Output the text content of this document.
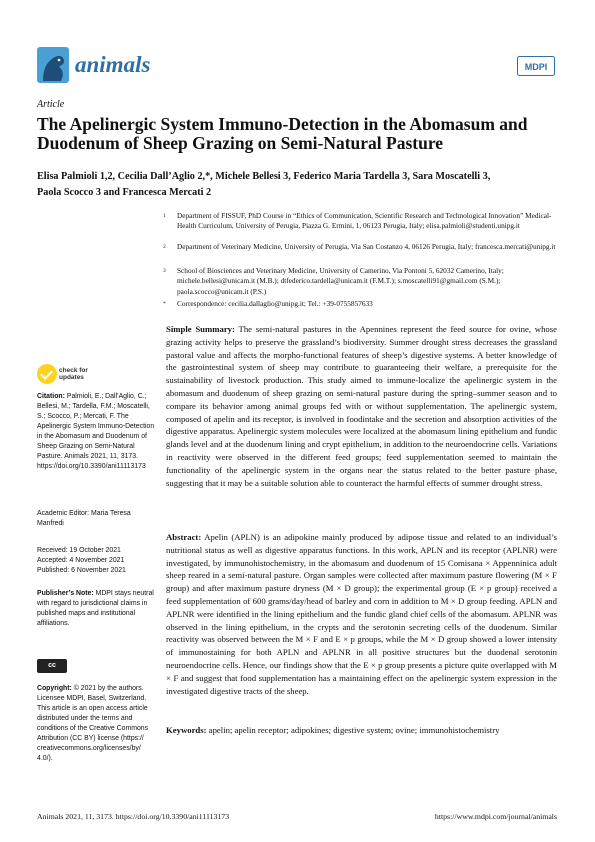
animals	MDPI
Article
The Apelinergic System Immuno-Detection in the Abomasum and Duodenum of Sheep Grazing on Semi-Natural Pasture
Elisa Palmioli 1,2, Cecilia Dall’Aglio 2,*, Michele Bellesi 3, Federico Maria Tardella 3, Sara Moscatelli 3,
Paola Scocco 3 and Francesca Mercati 2
1	Department of FISSUF, PhD Course in “Ethics of Communication, Scientific Research and Technological Innovation” Medical-Health Curriculum, University of Perugia, Piazza G. Ermini, 1, 06123 Perugia, Italy; elisa.palmioli@studenti.unipg.it
2	Department of Veterinary Medicine, University of Perugia, Via San Costanzo 4, 06126 Perugia, Italy; francesca.mercati@unipg.it
3	School of Biosciences and Veterinary Medicine, University of Camerino, Via Pontoni 5, 62032 Camerino, Italy; michele.bellesi@unicam.it (M.B.); dtfederico.tardella@unicam.it (F.M.T.); s.moscatelli91@gmail.com (S.M.); paola.scocco@unicam.it (P.S.)
*	Correspondence: cecilia.dallaglio@unipg.it; Tel.: +39-0755857633
check for
updates
Citation: Palmioli, E.; Dall’Aglio, C.; Bellesi, M.; Tardella, F.M.; Moscatelli, S.; Scocco, P.; Mercati, F. The Apelinergic System Immuno-Detection in the Abomasum and Duodenum of Sheep Grazing on Semi-Natural Pasture. Animals 2021, 11, 3173. https://doi.org/10.3390/ani11113173
Academic Editor: Maria Teresa Manfredi
Received: 19 October 2021
Accepted: 4 November 2021
Published: 6 November 2021
Publisher’s Note: MDPI stays neutral with regard to jurisdictional claims in published maps and institutional affiliations.
cc
Copyright: © 2021 by the authors. Licensee MDPI, Basel, Switzerland. This article is an open access article distributed under the terms and conditions of the Creative Commons Attribution (CC BY) license (https:// creativecommons.org/licenses/by/ 4.0/).
Simple Summary: The semi-natural pastures in the Apennines represent the feed source for ovine, whose grazing activity helps to preserve the grassland’s biodiversity. Summer drought stress decreases the grassland pastoral value and affects the morpho-functional features of sheep’s digestive systems. A better knowledge of the gastrointestinal system of sheep may contribute to guaranteeing their welfare, a prerequisite for the sustainability of livestock production. This study aimed to immune-localize the apelinergic system in the abomasum and duodenum of sheep grazing on semi-natural pasture during the spring–summer season and to compare its behavior among animal groups fed with or without supplementation. The apelinergic system, composed of apelin and its receptor, is involved in foodintake and the secretion and absorption activities of the digestive apparatus. Apelinergic system molecules were localized at the abomasum lining epithelium and fundic glands level and at the duodenum lining and crypt epithelium, in addition to the neuroendocrine cells. Variations in reactivity were observed in the different feed groups; feed supplementation seemed to maintain the functionality of the apelinergic system in the organs near the status related to the better pasture phase, suggesting that it may be a suitable solution able to counteract the harmful effects of summer drought stress.
Abstract: Apelin (APLN) is an adipokine mainly produced by adipose tissue and related to an individual’s nutritional status as well as digestive apparatus functions. In this work, APLN and its receptor (APLNR) were investigated, by immunohistochemistry, in the abomasum and duodenum of 15 Comisana × Appenninica adult sheep reared in a semi-natural pasture. Organ samples were collected after maximum pasture flowering (M × F group) and after maximum pasture dryness (M × D group); the experimental group (E × p group) received a feed supplementation of 600 grams/day/head of barley and corn in addition to M × D group feeding. APLN and APLNR were identified in the lining epithelium and the fundic gland chief cells of the abomasum. APLNR was observed in the lining epithelium, in the crypts and the serotonin secreting cells of the duodenum. Similar reactivity was observed between the M × F and E × p groups, while the M × D group showed a lower intensity of immunostaining for both APLN and APLNR in all positive structures but the duodenal serotonin neuroendocrine cells. Hence, our findings show that the E × p group presents a picture quite overlapped with M × F and suggest that food supplementation has a maintaining effect on the apelinergic system expression in the investigated digestive tracts of the sheep.
Keywords: apelin; apelin receptor; adipokines; digestive system; ovine; immunohistochemistry
Animals 2021, 11, 3173. https://doi.org/10.3390/ani11113173	https://www.mdpi.com/journal/animals
